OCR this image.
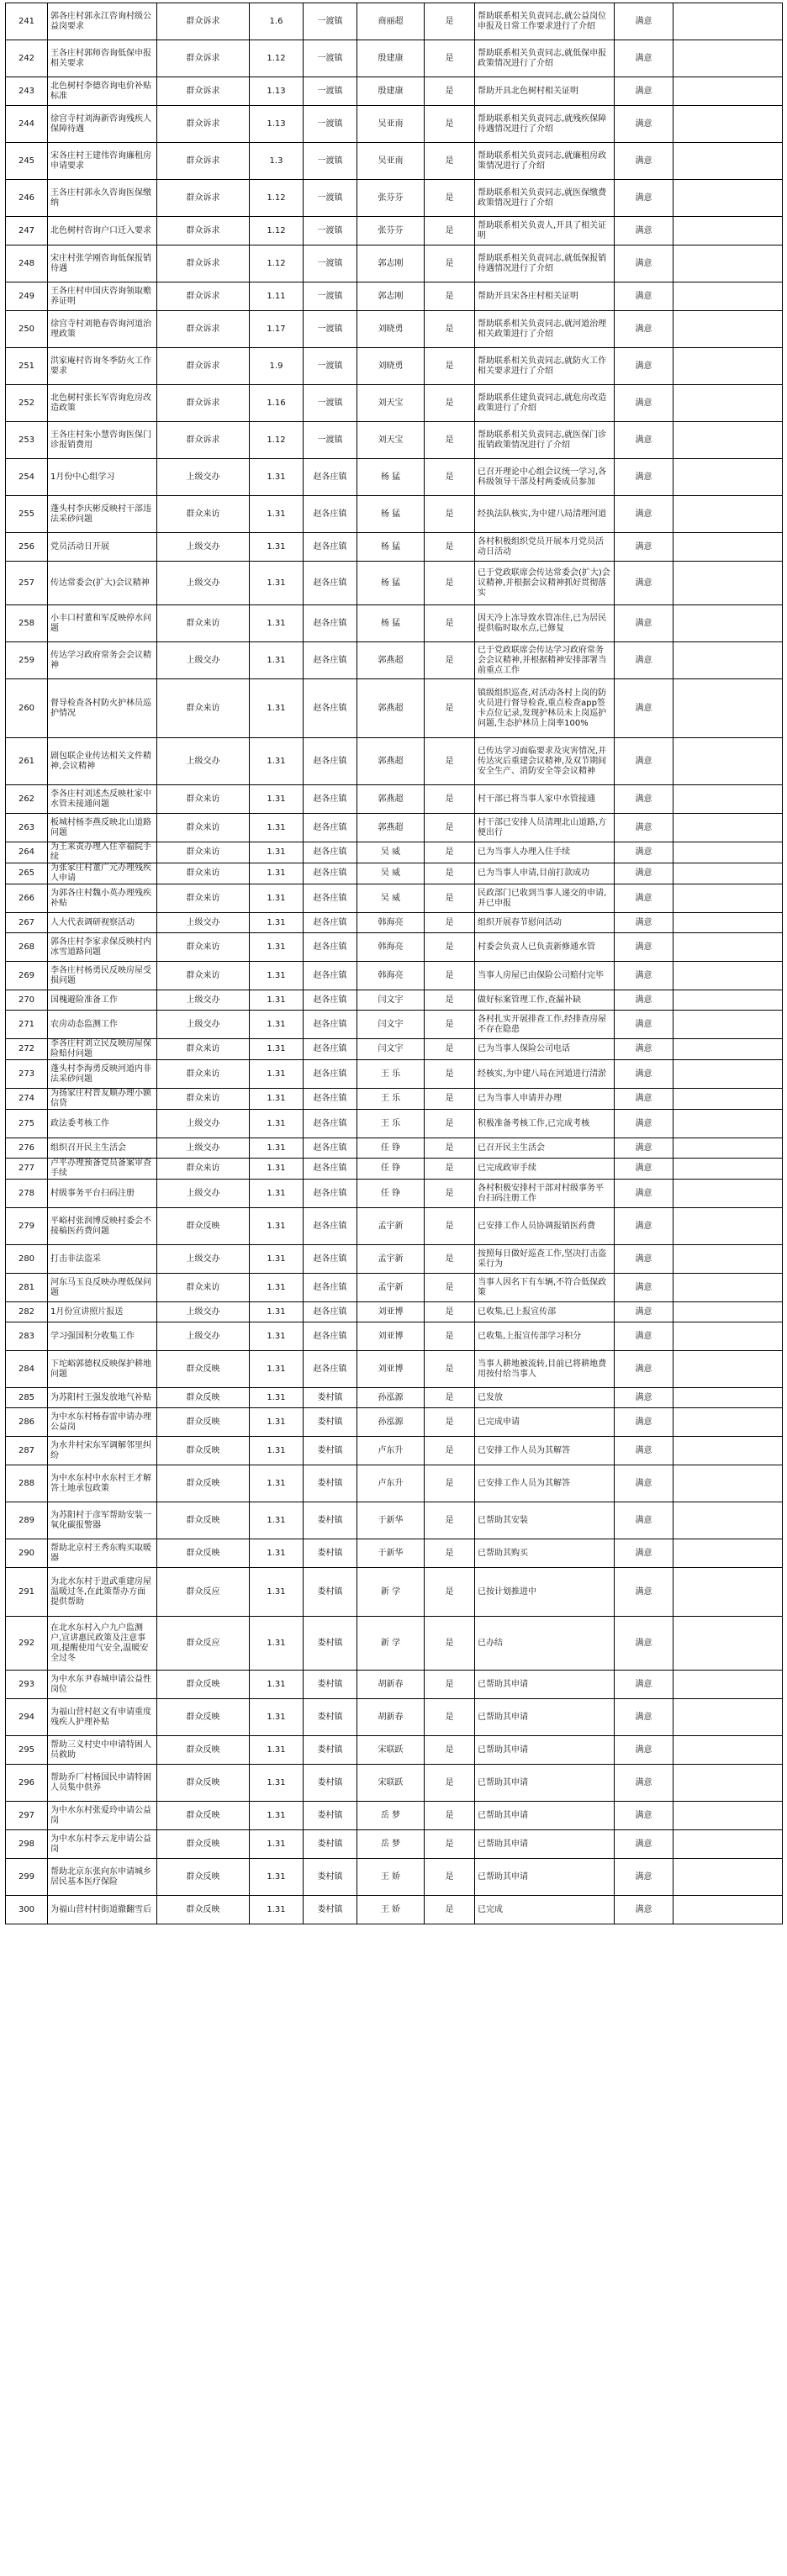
241	郭各庄村郭永江咨询村级公益岗要求	群众诉求	1.6	一渡镇	商丽超	是	帮助联系相关负责同志,就公益岗位申报及日常工作要求进行了介绍	满意	
242	王各庄村郭师咨询低保申报相关要求	群众诉求	1.12	一渡镇	殷建康	是	帮助联系相关负责同志,就低保申报政策情况进行了介绍	满意	
243	北色树村李德咨询电价补贴标准	群众诉求	1.13	一渡镇	殷建康	是	帮助开具北色树村相关证明	满意	
244	徐宫寺村刘海新咨询残疾人保障待遇	群众诉求	1.13	一渡镇	吴亚南	是	帮助联系相关负责同志,就残疾保障待遇情况进行了介绍	满意	
245	宋各庄村王建伟咨询廉租房申请要求	群众诉求	1.3	一渡镇	吴亚南	是	帮助联系相关负责同志,就廉租房政策情况进行了介绍	满意	
246	王各庄村郭永久咨询医保缴纳	群众诉求	1.12	一渡镇	张芬芬	是	帮助联系相关负责同志,就医保缴费政策情况进行了介绍	满意	
247	北色树村咨询户口迁入要求	群众诉求	1.12	一渡镇	张芬芬	是	帮助联系相关负责人,开具了相关证明	满意	
248	宋庄村张学刚咨询低保报销待遇	群众诉求	1.12	一渡镇	郭志刚	是	帮助联系相关负责同志,就低保报销待遇情况进行了介绍	满意	
249	王各庄村申国庆咨询领取赡养证明	群众诉求	1.11	一渡镇	郭志刚	是	帮助开具宋各庄村相关证明	满意	
250	徐宫寺村刘艳春咨询河道治理政策	群众诉求	1.17	一渡镇	刘晓勇	是	帮助联系相关负责同志,就河道治理相关政策进行了介绍	满意	
251	洪家庵村咨询冬季防火工作要求	群众诉求	1.9	一渡镇	刘晓勇	是	帮助联系相关负责同志,就防火工作相关要求进行了介绍	满意	
252	北色树村张长军咨询危房改造政策	群众诉求	1.16	一渡镇	刘天宝	是	帮助联系住建负责同志,就危房改造政策进行了介绍	满意	
253	王各庄村朱小慧咨询医保门诊报销费用	群众诉求	1.12	一渡镇	刘天宝	是	帮助联系相关负责同志,就医保门诊报销政策情况进行了介绍	满意	
254	1月份中心组学习	上级交办	1.31	赵各庄镇	杨 猛	是	已召开理论中心组会议统一学习,各科级领导干部及村两委成员参加	满意	
255	蓬头村李庆彬反映村干部违法采砂问题	群众来访	1.31	赵各庄镇	杨 猛	是	经执法队核实,为中建八局清理河道	满意	
256	党员活动日开展	上级交办	1.31	赵各庄镇	杨 猛	是	各村积极组织党员开展本月党员活动日活动	满意	
257	传达常委会(扩大)会议精神	上级交办	1.31	赵各庄镇	杨 猛	是	已于党政联席会传达常委会(扩大)会议精神,并根据会议精神抓好贯彻落实	满意	
258	小丰口村董和军反映停水问题	群众来访	1.31	赵各庄镇	杨 猛	是	因天冷上冻导致水管冻住,已为居民提供临时取水点,已修复	满意	
259	传达学习政府常务会会议精神	上级交办	1.31	赵各庄镇	郭燕超	是	已于党政联席会传达学习政府常务会会议精神,并根据精神安排部署当前重点工作	满意	
260	督导检查各村防火护林员巡护情况	群众来访	1.31	赵各庄镇	郭燕超	是	镇级组织巡查,对活动各村上岗的防火员进行督导检查,重点检查app签卡点位记录,发现护林员未上岗巡护问题,生态护林员上岗率100%	满意	
261	剧包联企业传达相关文件精神,会议精神	上级交办	1.31	赵各庄镇	郭燕超	是	已传达学习面临要求及灾害情况,并传达灾后重建会议精神,及双节期间安全生产、消防安全等会议精神	满意	
262	李各庄村刘述杰反映杜家中水管未接通问题	群众来访	1.31	赵各庄镇	郭燕超	是	村干部已将当事人家中水管接通	满意	
263	板城村杨李燕反映北山道路问题	群众来访	1.31	赵各庄镇	郭燕超	是	村干部已安排人员清理北山道路,方便出行	满意	
264	为王来责办理入住幸福院手续	群众来访	1.31	赵各庄镇	吴 威	是	已为当事人办理入住手续	满意	
265	为张家庄村董广元办理残疾人申请	群众来访	1.31	赵各庄镇	吴 威	是	已为当事人申请,目前打款成功	满意	
266	为郭各庄村魏小英办理残疾补贴	群众来访	1.31	赵各庄镇	吴 威	是	民政部门已收到当事人递交的申请,并已申报	满意	
267	人大代表调研视察活动	上级交办	1.31	赵各庄镇	韩海亮	是	组织开展春节慰问活动	满意	
268	郭各庄村李家求保反映村内冰雪道路问题	群众来访	1.31	赵各庄镇	韩海亮	是	村委会负责人已负责新修通水管	满意	
269	李各庄村杨勇民反映房屋受损问题	群众来访	1.31	赵各庄镇	韩海亮	是	当事人房屋已由保险公司赔付完毕	满意	
270	国槐避险准备工作	上级交办	1.31	赵各庄镇	闫文宇	是	做好标案管理工作,查漏补缺	满意	
271	农房动态监测工作	上级交办	1.31	赵各庄镇	闫文宇	是	各村扎实开展排查工作,经排查房屋不存在隐患	满意	
272	李各庄村刘立民反映房屋保险赔付问题	群众来访	1.31	赵各庄镇	闫文宇	是	已为当事人保险公司电话	满意	
273	蓬头村李海勇反映河道内非法采砂问题	群众来访	1.31	赵各庄镇	王 乐	是	经核实,为中建八局在河道进行清淤	满意	
274	为扬家庄村晋友顺办理小额信贷	群众来访	1.31	赵各庄镇	王 乐	是	已为当事人申请并办理	满意	
275	政法委考核工作	上级交办	1.31	赵各庄镇	王 乐	是	积极准备考核工作,已完成考核	满意	
276	组织召开民主生活会	上级交办	1.31	赵各庄镇	任 铮	是	已召开民主生活会	满意	
277	卢平办理预备党员备案审查手续	群众来访	1.31	赵各庄镇	任 铮	是	已完成政审手续	满意	
278	村级事务平台扫码注册	上级交办	1.31	赵各庄镇	任 铮	是	各村积极安排村干部对村级事务平台扫码注册工作	满意	
279	平峪村张润博反映村委会不接稿医药费问题	群众反映	1.31	赵各庄镇	孟宇新	是	已安排工作人员协调报销医药费	满意	
280	打击非法盗采	上级交办	1.31	赵各庄镇	孟宇新	是	按照每日做好巡查工作,坚决打击盗采行为	满意	
281	河东马玉良反映办理低保问题	群众来访	1.31	赵各庄镇	孟宇新	是	当事人因名下有车辆,不符合低保政策	满意	
282	1月份宣讲照片报送	上级交办	1.31	赵各庄镇	刘亚博	是	已收集,已上报宣传部	满意	
283	学习强国积分收集工作	上级交办	1.31	赵各庄镇	刘亚博	是	已收集,上报宣传部学习积分	满意	
284	下坨峪郭德权反映保护耕地问题	群众反映	1.31	赵各庄镇	刘亚博	是	当事人耕地被流转,目前已将耕地费用按付给当事人	满意	
285	为苏阳村王强发放地气补贴	群众反映	1.31	娄村镇	孙泓源	是	已发放	满意	
286	为中水东村杨春雷申请办理公益岗	群众反映	1.31	娄村镇	孙泓源	是	已完成申请	满意	
287	为水井村宋东军调解邻里纠纷	群众反映	1.31	娄村镇	卢东升	是	已安排工作人员为其解答	满意	
288	为中水东村中水东村王才解答土地承包政策	群众反映	1.31	娄村镇	卢东升	是	已安排工作人员为其解答	满意	
289	为苏阳村于彦军帮助安装一氧化碳报警器	群众反映	1.31	娄村镇	于新华	是	已帮助其安装	满意	
290	帮助北京村王秀东购买取暖器	群众反映	1.31	娄村镇	于新华	是	已帮助其购买	满意	
291	为北水东村于进武重建房屋温暖过冬,在此策帮办方面提供帮助	群众反应	1.31	娄村镇	新 学	是	已按计划推进中	满意	
292	在北水东村入户九户监测户,宣讲惠民政策及注意事项,提醒使用气安全,温暖安全过冬	群众反应	1.31	娄村镇	新 学	是	已办结	满意	
293	为中水东尹春城申请公益性岗位	群众反映	1.31	娄村镇	胡新春	是	已帮助其申请	满意	
294	为福山营村赵文有申请重度残疾人护理补贴	群众反映	1.31	娄村镇	胡新春	是	已帮助其申请	满意	
295	帮助三义村史中申请特困人员救助	群众反映	1.31	娄村镇	宋联跃	是	已帮助其申请	满意	
296	帮助乔厂村杨国民申请特困人员集中供养	群众反映	1.31	娄村镇	宋联跃	是	已帮助其申请	满意	
297	为中水东村张爱玲申请公益岗	群众反映	1.31	娄村镇	岳 梦	是	已帮助其申请	满意	
298	为中水东村李云龙申请公益岗	群众反映	1.31	娄村镇	岳 梦	是	已帮助其申请	满意	
299	帮助北京东张向东申请城乡居民基本医疗保险	群众反映	1.31	娄村镇	王 娇	是	已帮助其申请	满意	
300	为福山营村村街道撤翻雪后	群众反映	1.31	娄村镇	王 娇	是	已完成	满意	
